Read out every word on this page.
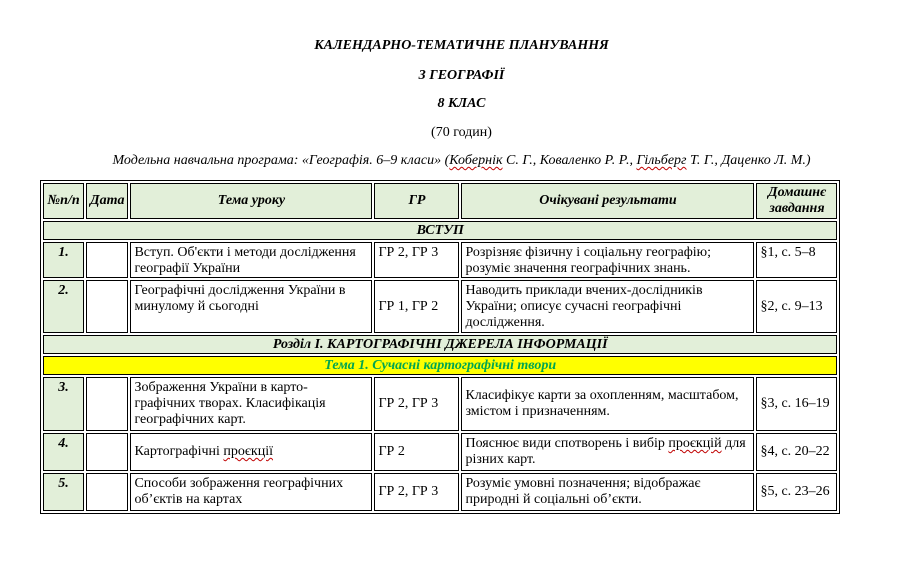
КАЛЕНДАРНО-ТЕМАТИЧНЕ ПЛАНУВАННЯ
З ГЕОГРАФІЇ
8 КЛАС
(70 годин)
Модельна навчальна програма: «Географія. 6–9 класи» (Кобернік С. Г., Коваленко Р. Р., Гільберг Т. Г., Даценко Л. М.)
№п/п	Дата	Тема уроку	ГР	Очікувані результати	Домашнє завдання
ВСТУП					
1.		Вступ. Об'єкти і методи дослідження географії України	ГР 2, ГР 3	Розрізняє фізичну і соціальну географію; розуміє значення географічних знань.	§1, с. 5–8
2.		Географічні дослідження України в минулому й сьогодні	ГР 1, ГР 2	Наводить приклади вчених-дослідників України; описує сучасні географічні дослідження.	§2, с. 9–13
Розділ І. КАРТОГРАФІЧНІ ДЖЕРЕЛА ІНФОРМАЦІЇ					
Тема 1. Сучасні картографічні твори					
3.		Зображення України в карто-графічних творах. Класифікація географічних карт.	ГР 2, ГР 3	Класифікує карти за охопленням, масштабом, змістом і призначенням.	§3, с. 16–19
4.		Картографічні проєкції	ГР 2	Пояснює види спотворень і вибір проєкцій для різних карт.	§4, с. 20–22
5.		Способи зображення географічних об’єктів на картах	ГР 2, ГР 3	Розуміє умовні позначення; відображає природні й соціальні об’єкти.	§5, с. 23–26
